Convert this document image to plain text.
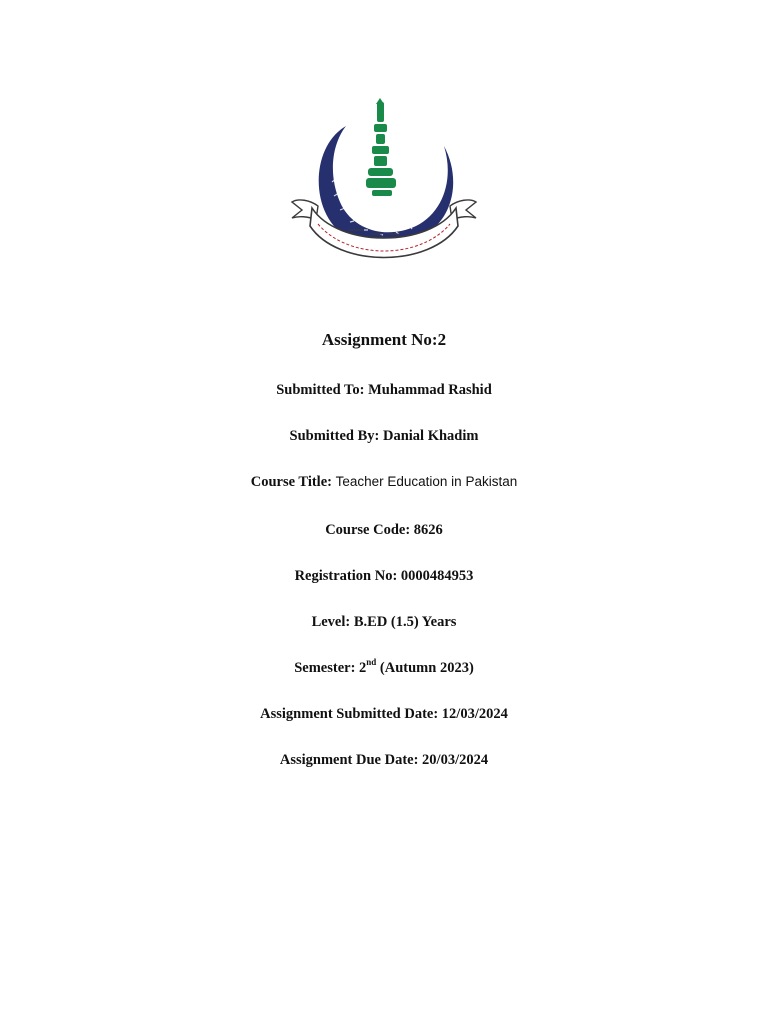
Assignment No:2
Submitted To: Muhammad Rashid
Submitted By: Danial Khadim
Course Title: Teacher Education in Pakistan
Course Code: 8626
Registration No: 0000484953
Level: B.ED (1.5) Years
Semester: 2nd (Autumn 2023)
Assignment Submitted Date: 12/03/2024
Assignment Due Date: 20/03/2024
